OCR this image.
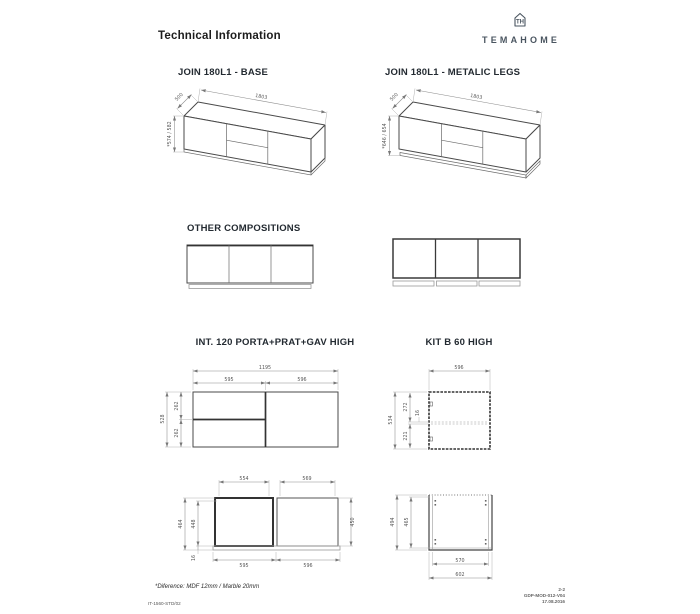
Technical Information
TH
TEMAHOME
JOIN 180L1 - BASE	JOIN 180L1 - METALIC LEGS
1803
500
*574 / 582
1803
500
*646 / 654
OTHER COMPOSITIONS
INT. 120 PORTA+PRAT+GAV HIGH	KIT B 60 HIGH
1195
595	596
528
262
262
554	569
464 448
16
450
595	596
596
534
272
221
16
494 465
570
602
*Diference: MDF 12mm / Marble 20mm
IT-1560-STD/02
2-2
GDP-MOD-012-V04
17.08.2016
